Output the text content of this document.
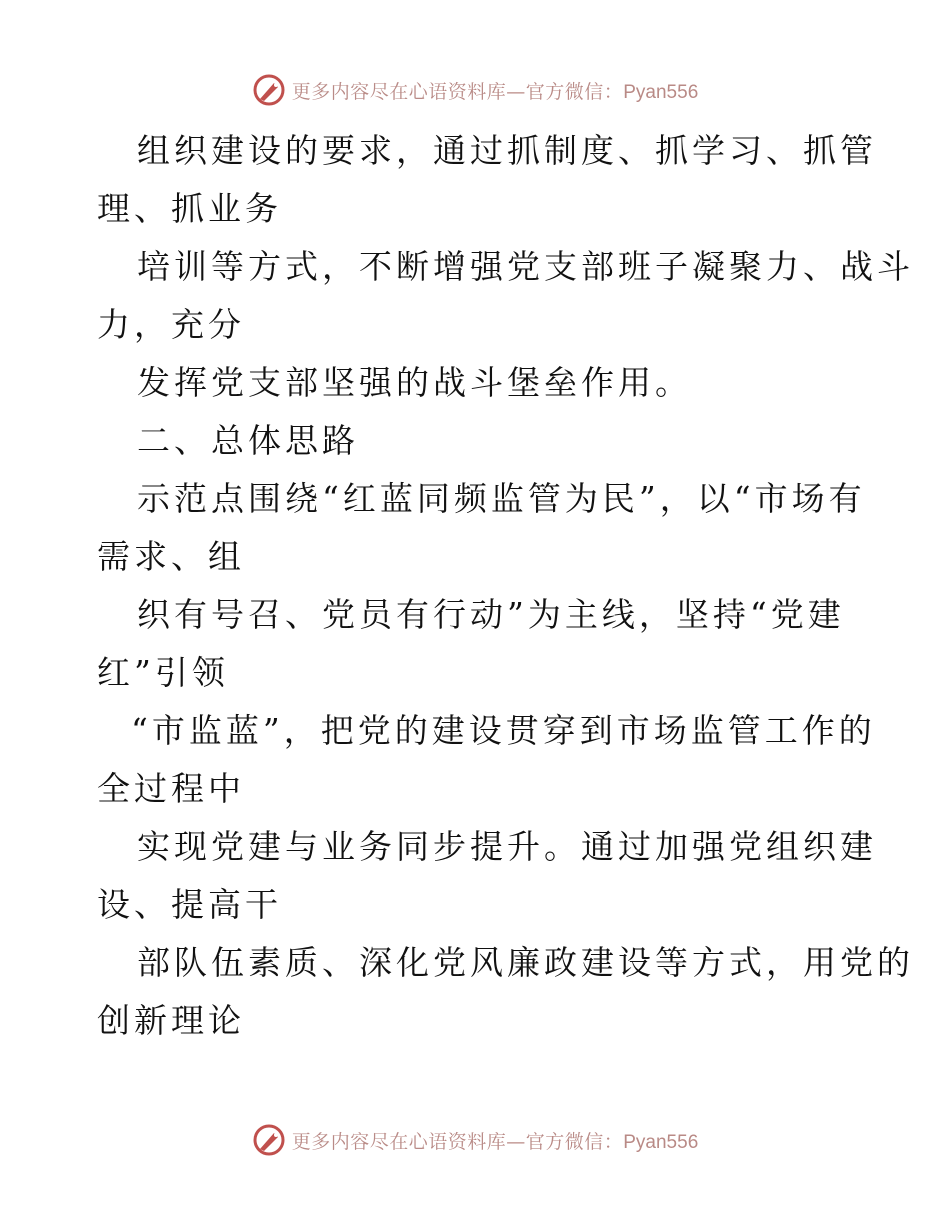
更多内容尽在心语资料库—官方微信：Pyan556
组织建设的要求，通过抓制度、抓学习、抓管
理、抓业务
培训等方式，不断增强党支部班子凝聚力、战斗
力，充分
发挥党支部坚强的战斗堡垒作用。
二、总体思路
示范点围绕“红蓝同频监管为民”，以“市场有
需求、组
织有号召、党员有行动”为主线，坚持“党建
红”引领
“市监蓝”，把党的建设贯穿到市场监管工作的
全过程中
实现党建与业务同步提升。通过加强党组织建
设、提高干
部队伍素质、深化党风廉政建设等方式，用党的
创新理论
更多内容尽在心语资料库—官方微信：Pyan556
